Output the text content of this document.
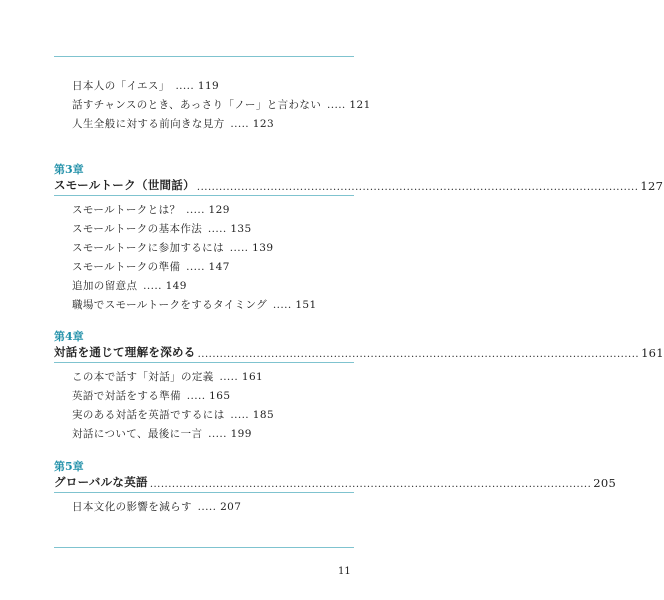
日本人の「イエス」 ..... 119
話すチャンスのとき、あっさり「ノー」と言わない ..... 121
人生全般に対する前向きな見方 ..... 123
第3章
スモールトーク（世間話） ........................................................................................................................ 127
スモールトークとは？ ..... 129
スモールトークの基本作法 ..... 135
スモールトークに参加するには ..... 139
スモールトークの準備 ..... 147
追加の留意点 ..... 149
職場でスモールトークをするタイミング ..... 151
第4章
対話を通じて理解を深める ........................................................................................................................ 161
この本で話す「対話」の定義 ..... 161
英語で対話をする準備 ..... 165
実のある対話を英語でするには ..... 185
対話について、最後に一言 ..... 199
第5章
グローバルな英語 ........................................................................................................................ 205
日本文化の影響を減らす ..... 207
11
